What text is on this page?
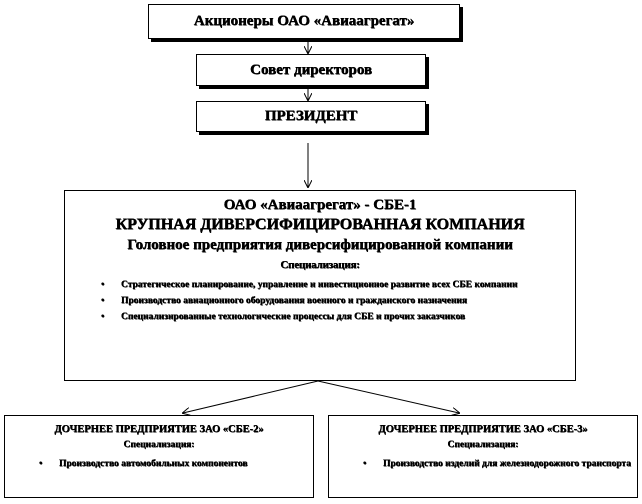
Акционеры ОАО «Авиаагрегат»
Совет директоров
ПРЕЗИДЕНТ
ОАО «Авиаагрегат» - СБЕ-1
КРУПНАЯ ДИВЕРСИФИЦИРОВАННАЯ КОМПАНИЯ
Головное предприятия диверсифицированной компании
Специализация:
• Стратегическое планирование, управление и инвестиционное развитие всех СБЕ компании
• Производство авиационного оборудования военного и гражданского назначения
• Специализированные технологические процессы для СБЕ и прочих заказчиков
ДОЧЕРНЕЕ ПРЕДПРИЯТИЕ ЗАО «СБЕ-2»
Специализация:
• Производство автомобильных компонентов
ДОЧЕРНЕЕ ПРЕДПРИЯТИЕ ЗАО «СБЕ-3»
Специализация:
• Производство изделий для железнодорожного транспорта
